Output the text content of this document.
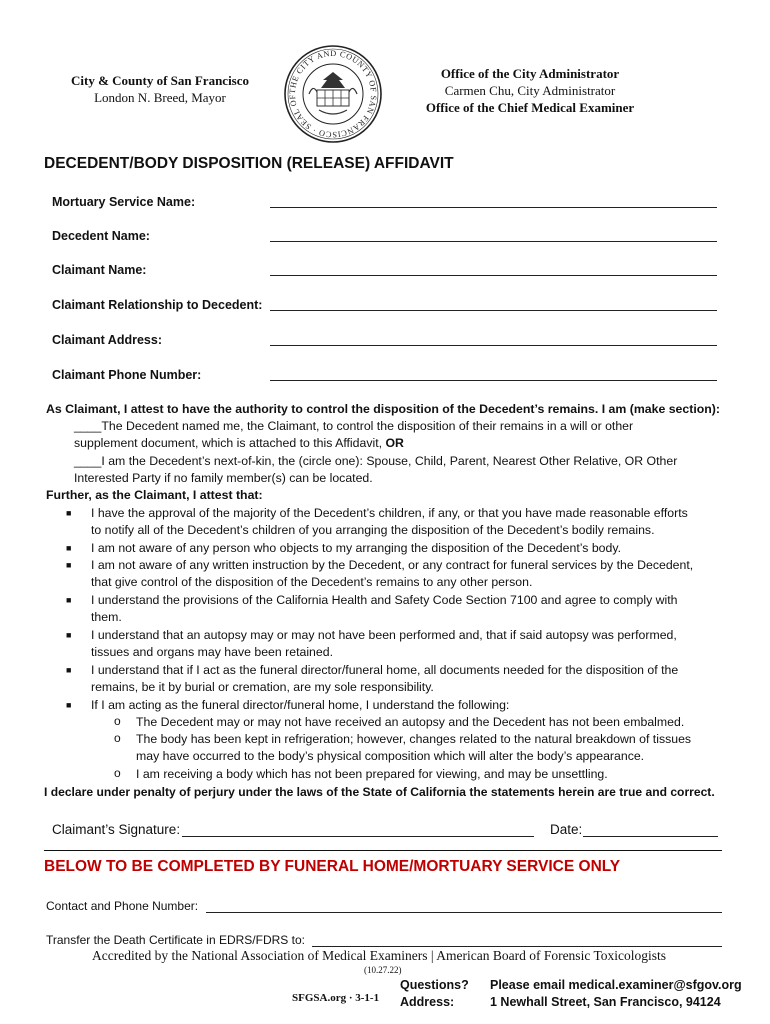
City & County of San Francisco
London N. Breed, Mayor	THE CITY AND COUNTY OF SAN FRANCISCO · SEAL OF
Office of the City Administrator
Carmen Chu, City Administrator
Office of the Chief Medical Examiner
DECEDENT/BODY DISPOSITION (RELEASE) AFFIDAVIT
Mortuary Service Name:
Decedent Name:
Claimant Name:
Claimant Relationship to Decedent:
Claimant Address:
Claimant Phone Number:
As Claimant, I attest to have the authority to control the disposition of the Decedent’s remains. I am (make section):
____The Decedent named me, the Claimant, to control the disposition of their remains in a will or other
supplement document, which is attached to this Affidavit, OR
____I am the Decedent’s next-of-kin, the (circle one): Spouse, Child, Parent, Nearest Other Relative, OR Other
Interested Party if no family member(s) can be located.
Further, as the Claimant, I attest that:
■ I have the approval of the majority of the Decedent’s children, if any, or that you have made reasonable efforts
to notify all of the Decedent’s children of you arranging the disposition of the Decedent’s bodily remains.
■ I am not aware of any person who objects to my arranging the disposition of the Decedent’s body.
■ I am not aware of any written instruction by the Decedent, or any contract for funeral services by the Decedent,
that give control of the disposition of the Decedent’s remains to any other person.
■ I understand the provisions of the California Health and Safety Code Section 7100 and agree to comply with
them.
■ I understand that an autopsy may or may not have been performed and, that if said autopsy was performed,
tissues and organs may have been retained.
■ I understand that if I act as the funeral director/funeral home, all documents needed for the disposition of the
remains, be it by burial or cremation, are my sole responsibility.
■ If I am acting as the funeral director/funeral home, I understand the following:
o The Decedent may or may not have received an autopsy and the Decedent has not been embalmed.
o The body has been kept in refrigeration; however, changes related to the natural breakdown of tissues
may have occurred to the body’s physical composition which will alter the body’s appearance.
o I am receiving a body which has not been prepared for viewing, and may be unsettling.
I declare under penalty of perjury under the laws of the State of California the statements herein are true and correct.
Claimant’s Signature:	Date:
BELOW TO BE COMPLETED BY FUNERAL HOME/MORTUARY SERVICE ONLY
Contact and Phone Number:
Transfer the Death Certificate in EDRS/FDRS to:
Accredited by the National Association of Medical Examiners | American Board of Forensic Toxicologists
(10.27.22)
SFGSA.org · 3-1-1
Questions? Please email medical.examiner@sfgov.org
Address:	1 Newhall Street, San Francisco, 94124
